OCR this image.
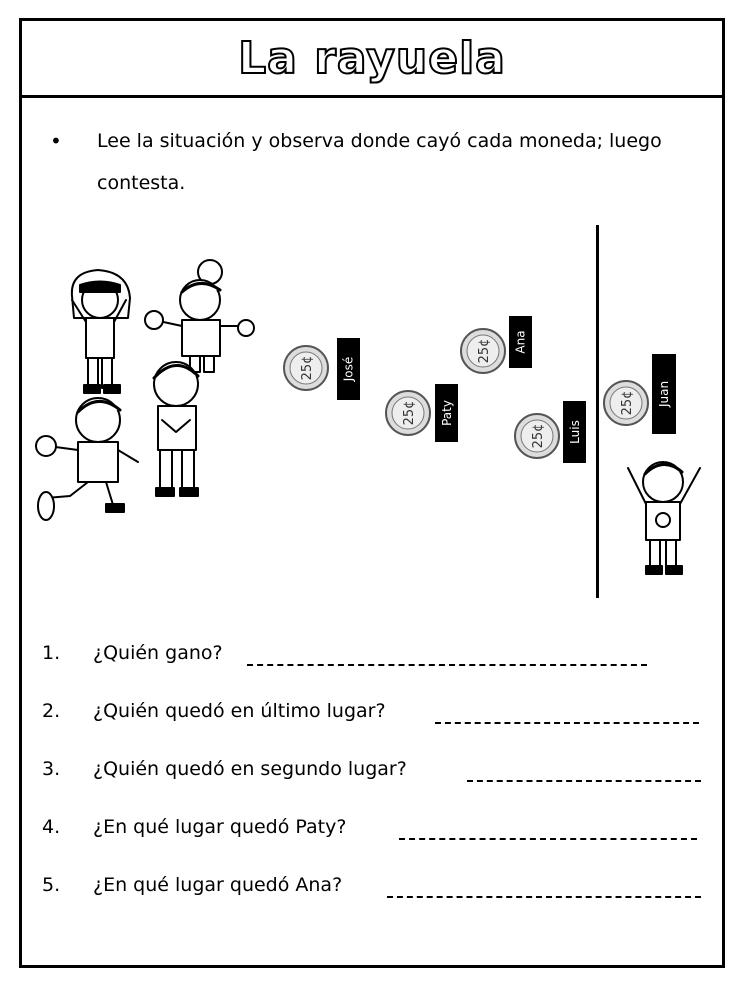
La rayuela
• Lee la situación y observa donde cayó cada moneda; luego contesta.
25¢
25¢
25¢
25¢
25¢
José
Paty
Ana
Luis
Juan
1. ¿Quién gano?
2. ¿Quién quedó en último lugar?
3. ¿Quién quedó en segundo lugar?
4. ¿En qué lugar quedó Paty?
5. ¿En qué lugar quedó Ana?
